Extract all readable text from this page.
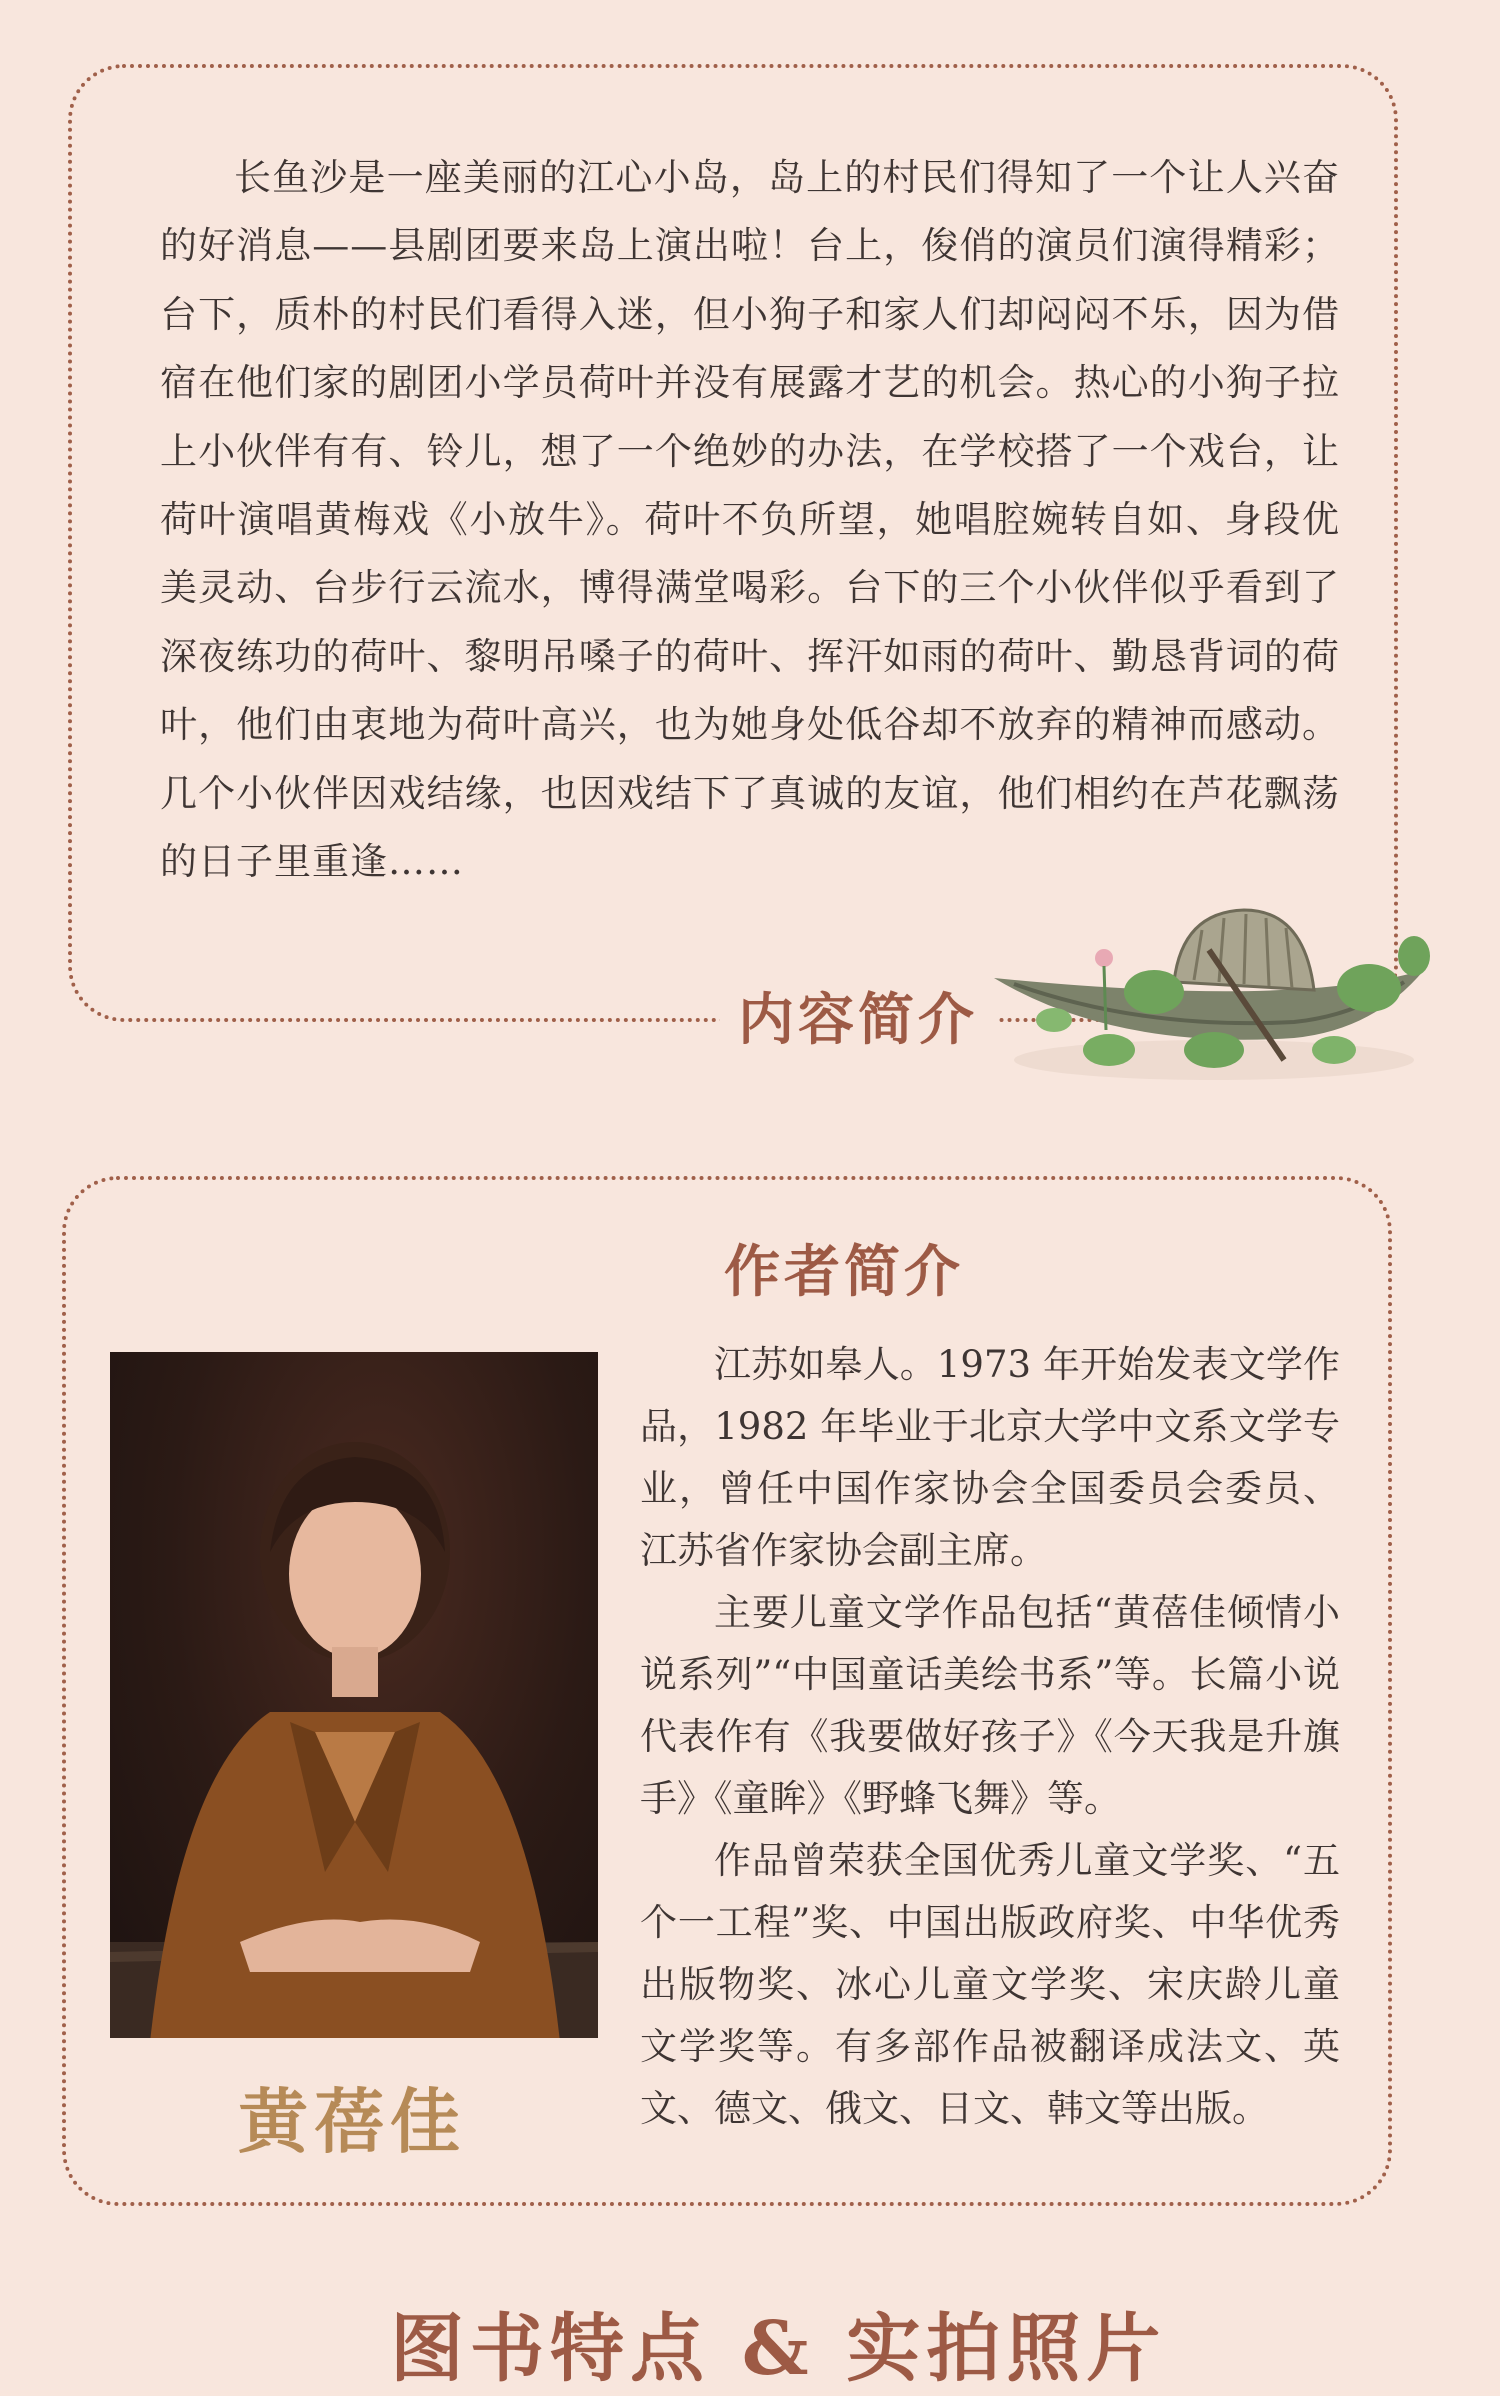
长鱼沙是一座美丽的江心小岛，岛上的村民们得知了一个让人兴奋的好消息——县剧团要来岛上演出啦！台上，俊俏的演员们演得精彩；台下，质朴的村民们看得入迷，但小狗子和家人们却闷闷不乐，因为借宿在他们家的剧团小学员荷叶并没有展露才艺的机会。热心的小狗子拉上小伙伴有有、铃儿，想了一个绝妙的办法，在学校搭了一个戏台，让荷叶演唱黄梅戏《小放牛》。荷叶不负所望，她唱腔婉转自如、身段优美灵动、台步行云流水，博得满堂喝彩。台下的三个小伙伴似乎看到了深夜练功的荷叶、黎明吊嗓子的荷叶、挥汗如雨的荷叶、勤恳背词的荷叶，他们由衷地为荷叶高兴，也为她身处低谷却不放弃的精神而感动。几个小伙伴因戏结缘，也因戏结下了真诚的友谊，他们相约在芦花飘荡的日子里重逢……

内容简介
作者简介

黄蓓佳

江苏如皋人。1973 年开始发表文学作品，1982 年毕业于北京大学中文系文学专业，曾任中国作家协会全国委员会委员、江苏省作家协会副主席。

主要儿童文学作品包括“黄蓓佳倾情小说系列”“中国童话美绘书系”等。长篇小说代表作有《我要做好孩子》《今天我是升旗手》《童眸》《野蜂飞舞》等。

作品曾荣获全国优秀儿童文学奖、“五个一工程”奖、中国出版政府奖、中华优秀出版物奖、冰心儿童文学奖、宋庆龄儿童文学奖等。有多部作品被翻译成法文、英文、德文、俄文、日文、韩文等出版。

图书特点 & 实拍照片
